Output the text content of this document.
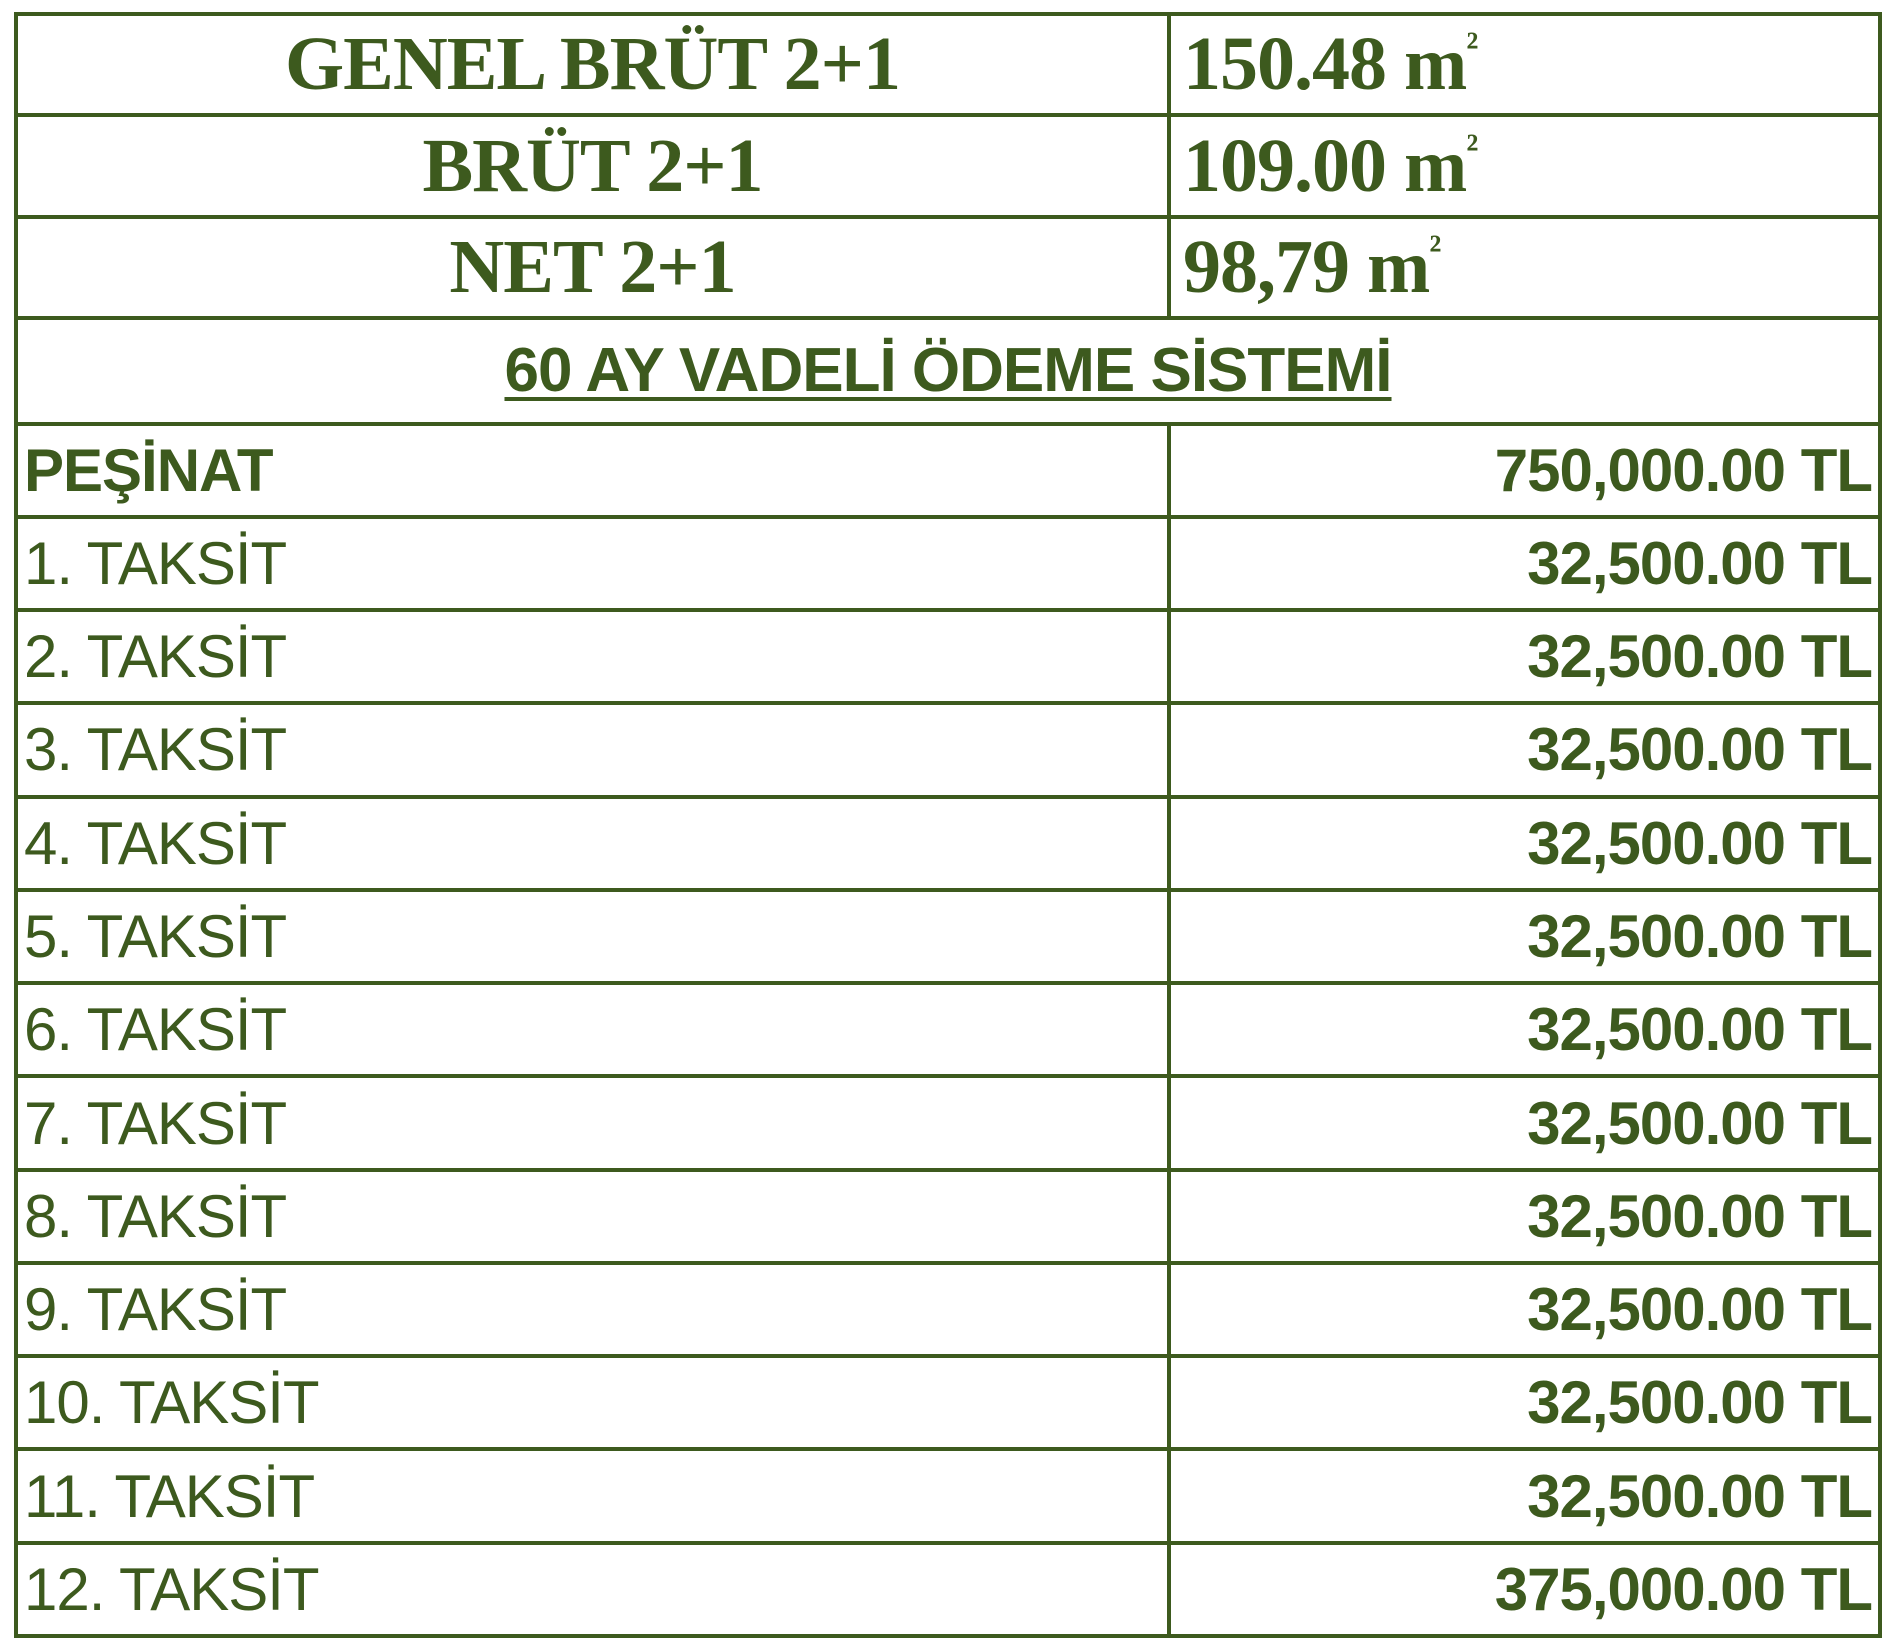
GENEL BRÜT 2+1	150.48 $m^{^2}$
BRÜT 2+1	109.00 $m^{^2}$
NET 2+1	98,79 $m^{^2}$
60 AY VADELİ ÖDEME SİSTEMİ	
PEŞİNAT	750,000.00 TL
1. TAKSİT	32,500.00 TL
2. TAKSİT	32,500.00 TL
3. TAKSİT	32,500.00 TL
4. TAKSİT	32,500.00 TL
5. TAKSİT	32,500.00 TL
6. TAKSİT	32,500.00 TL
7. TAKSİT	32,500.00 TL
8. TAKSİT	32,500.00 TL
9. TAKSİT	32,500.00 TL
10. TAKSİT	32,500.00 TL
11. TAKSİT	32,500.00 TL
12. TAKSİT	375,000.00 TL
